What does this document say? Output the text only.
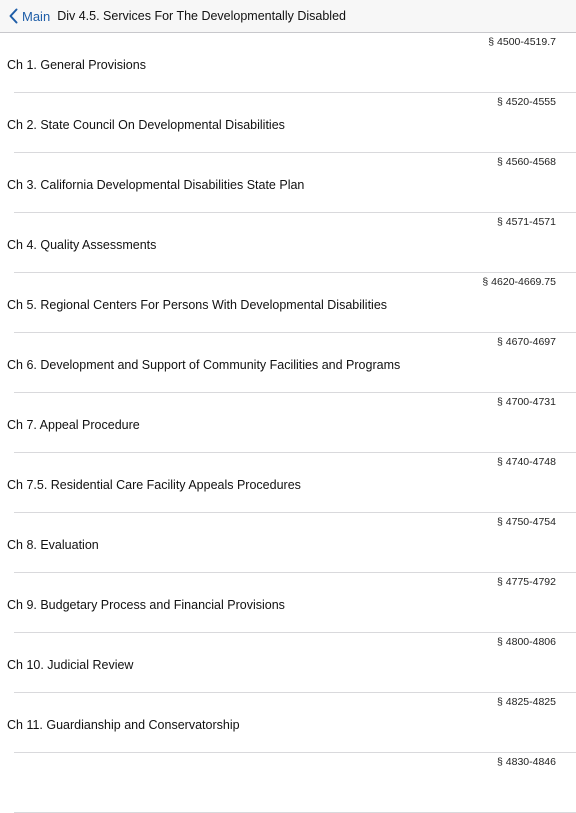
Main Div 4.5. Services For The Developmentally Disabled
§ 4500-4519.7
Ch 1. General Provisions
§ 4520-4555
Ch 2. State Council On Developmental Disabilities
§ 4560-4568
Ch 3. California Developmental Disabilities State Plan
§ 4571-4571
Ch 4. Quality Assessments
§ 4620-4669.75
Ch 5. Regional Centers For Persons With Developmental Disabilities
§ 4670-4697
Ch 6. Development and Support of Community Facilities and Programs
§ 4700-4731
Ch 7. Appeal Procedure
§ 4740-4748
Ch 7.5. Residential Care Facility Appeals Procedures
§ 4750-4754
Ch 8. Evaluation
§ 4775-4792
Ch 9. Budgetary Process and Financial Provisions
§ 4800-4806
Ch 10. Judicial Review
§ 4825-4825
Ch 11. Guardianship and Conservatorship
§ 4830-4846
